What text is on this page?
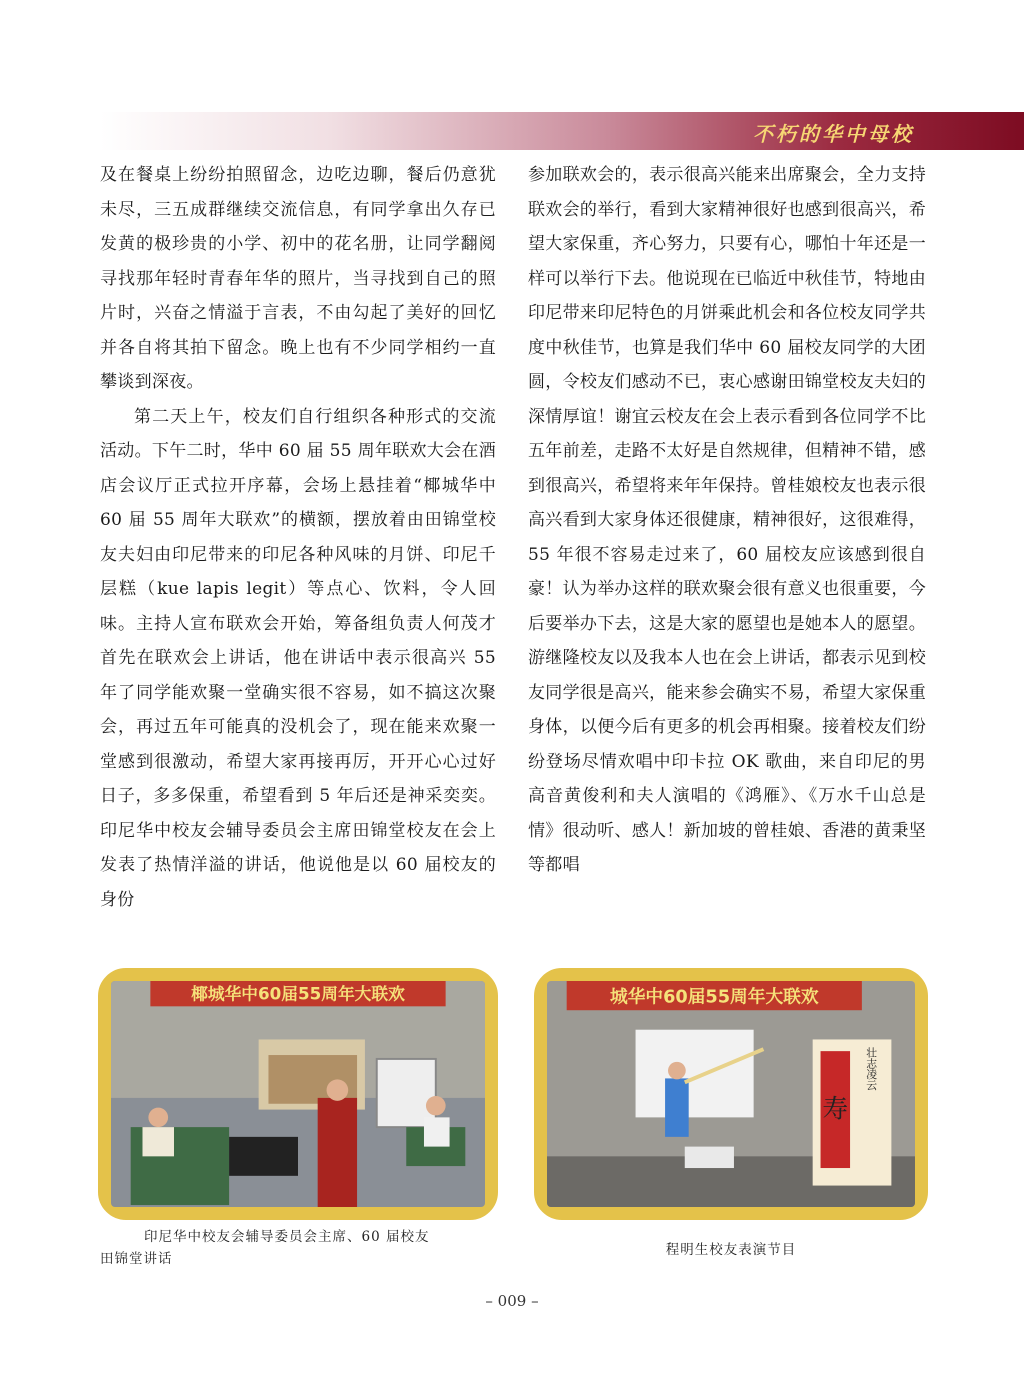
不朽的华中母校

及在餐桌上纷纷拍照留念，边吃边聊，餐后仍意犹未尽，三五成群继续交流信息，有同学拿出久存已发黄的极珍贵的小学、初中的花名册，让同学翻阅寻找那年轻时青春年华的照片，当寻找到自己的照片时，兴奋之情溢于言表，不由勾起了美好的回忆并各自将其拍下留念。晚上也有不少同学相约一直攀谈到深夜。

第二天上午，校友们自行组织各种形式的交流活动。下午二时，华中 60 届 55 周年联欢大会在酒店会议厅正式拉开序幕，会场上悬挂着“椰城华中 60 届 55 周年大联欢”的横额，摆放着由田锦堂校友夫妇由印尼带来的印尼各种风味的月饼、印尼千层糕（kue lapis legit）等点心、饮料，令人回味。主持人宣布联欢会开始，筹备组负责人何茂才首先在联欢会上讲话，他在讲话中表示很高兴 55 年了同学能欢聚一堂确实很不容易，如不搞这次聚会，再过五年可能真的没机会了，现在能来欢聚一堂感到很激动，希望大家再接再厉，开开心心过好日子，多多保重，希望看到 5 年后还是神采奕奕。印尼华中校友会辅导委员会主席田锦堂校友在会上发表了热情洋溢的讲话，他说他是以 60 届校友的身份

参加联欢会的，表示很高兴能来出席聚会，全力支持联欢会的举行，看到大家精神很好也感到很高兴，希望大家保重，齐心努力，只要有心，哪怕十年还是一样可以举行下去。他说现在已临近中秋佳节，特地由印尼带来印尼特色的月饼乘此机会和各位校友同学共度中秋佳节，也算是我们华中 60 届校友同学的大团圆，令校友们感动不已，衷心感谢田锦堂校友夫妇的深情厚谊！谢宜云校友在会上表示看到各位同学不比五年前差，走路不太好是自然规律，但精神不错，感到很高兴，希望将来年年保持。曾桂娘校友也表示很高兴看到大家身体还很健康，精神很好，这很难得，55 年很不容易走过来了，60 届校友应该感到很自豪！认为举办这样的联欢聚会很有意义也很重要，今后要举办下去，这是大家的愿望也是她本人的愿望。游继隆校友以及我本人也在会上讲话，都表示见到校友同学很是高兴，能来参会确实不易，希望大家保重身体，以便今后有更多的机会再相聚。接着校友们纷纷登场尽情欢唱中印卡拉 OK 歌曲，来自印尼的男高音黄俊利和夫人演唱的《鸿雁》、《万水千山总是情》很动听、感人！新加坡的曾桂娘、香港的黄秉坚等都唱

椰城华中60届55周年大联欢
印尼华中校友会辅导委员会主席、60 届校友
田锦堂讲话
城华中60届55周年大联欢
寿
壮志凌云
程明生校友表演节目
– 009 –
